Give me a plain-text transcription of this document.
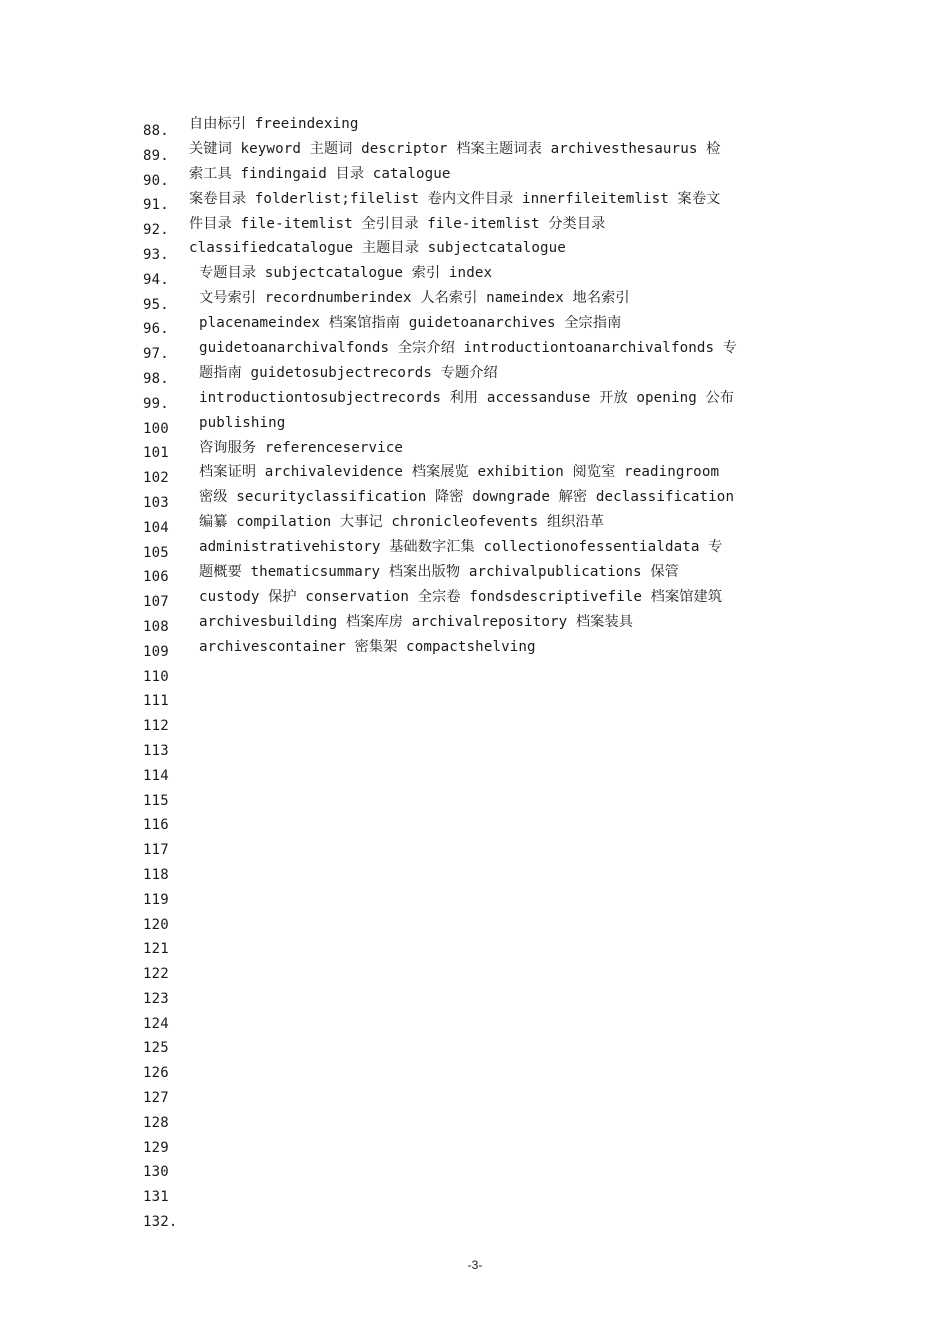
88.
89.
90.
91.
92.
93.
94.
95.
96.
97.
98.
99.
100
101
102
103
104
105
106
107
108
109
110
111
112
113
114
115
116
117
118
119
120
121
122
123
124
125
126
127
128
129
130
131
132.
自由标引 freeindexing
关键词 keyword 主题词 descriptor 档案主题词表 archivesthesaurus 检
索工具 findingaid 目录 catalogue
案卷目录 folderlist;filelist 卷内文件目录 innerfileitemlist 案卷文
件目录 file-itemlist 全引目录 file-itemlist 分类目录
classifiedcatalogue 主题目录 subjectcatalogue
专题目录 subjectcatalogue 索引 index
文号索引 recordnumberindex 人名索引 nameindex 地名索引
placenameindex 档案馆指南 guidetoanarchives 全宗指南
guidetoanarchivalfonds 全宗介绍 introductiontoanarchivalfonds 专
题指南 guidetosubjectrecords 专题介绍
introductiontosubjectrecords 利用 accessanduse 开放 opening 公布
publishing
咨询服务 referenceservice
档案证明 archivalevidence 档案展览 exhibition 阅览室 readingroom
密级 securityclassification 降密 downgrade 解密 declassification
编纂 compilation 大事记 chronicleofevents 组织沿革
administrativehistory 基础数字汇集 collectionofessentialdata 专
题概要 thematicsummary 档案出版物 archivalpublications 保管
custody 保护 conservation 全宗卷 fondsdescriptivefile 档案馆建筑
archivesbuilding 档案库房 archivalrepository 档案装具
archivescontainer 密集架 compactshelving
-3-
